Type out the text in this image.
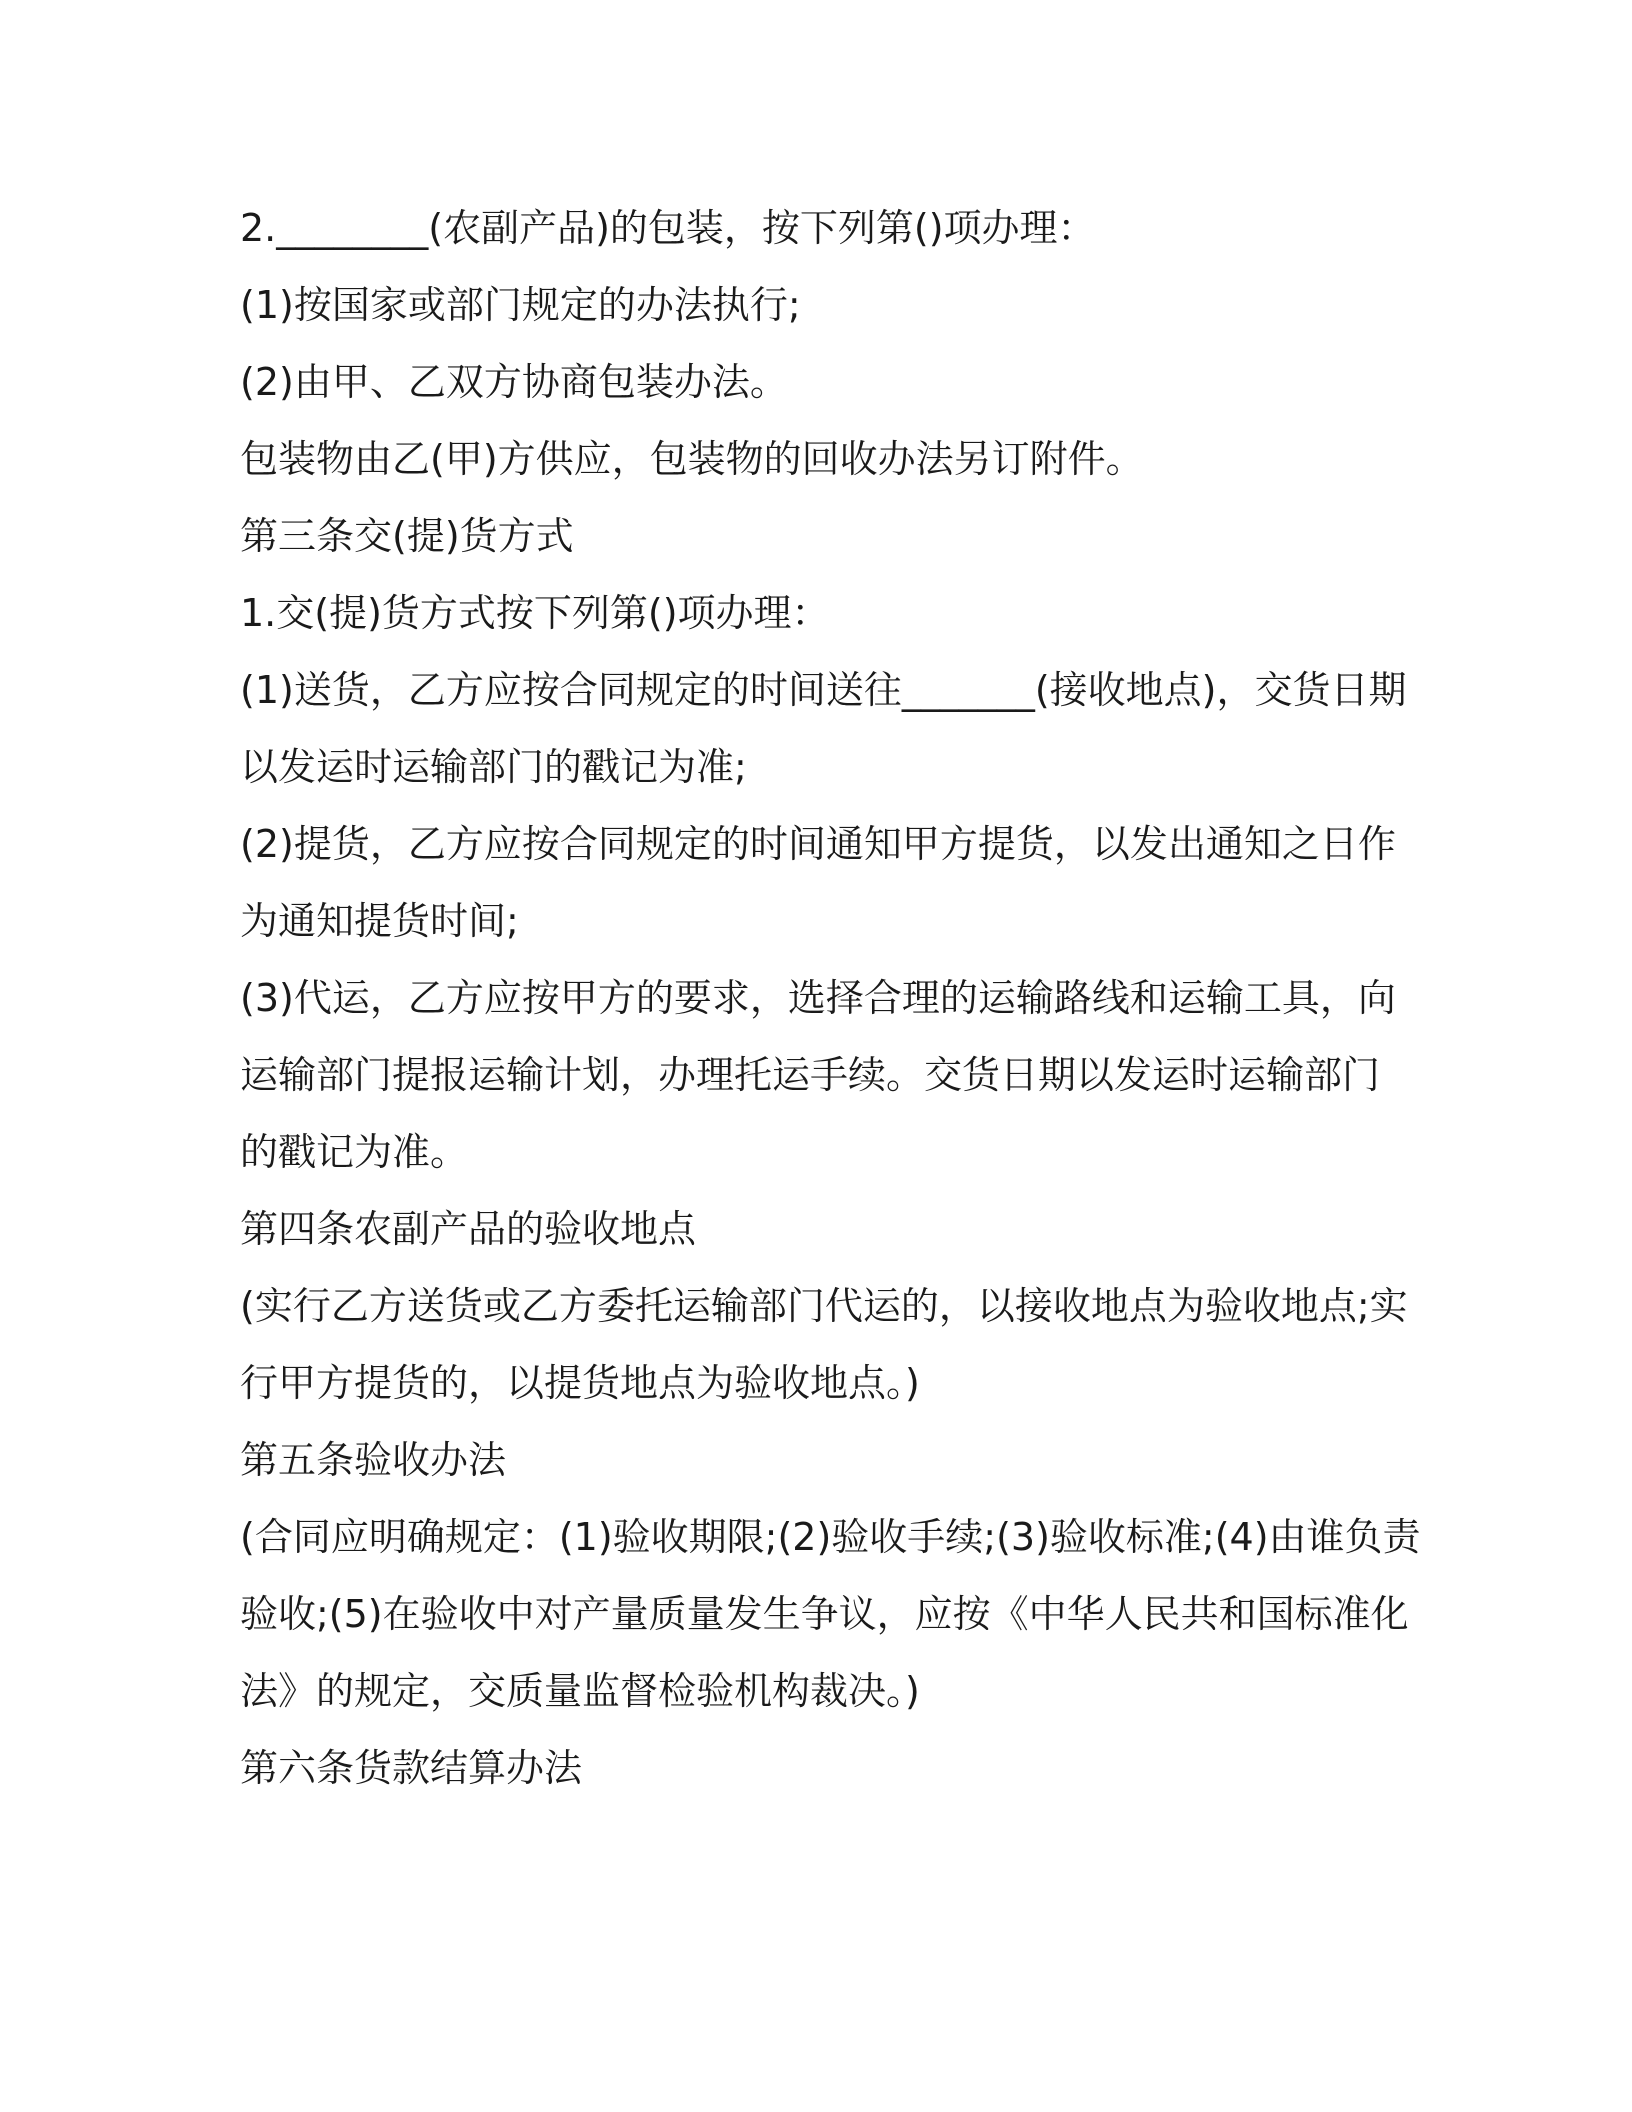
2.________(农副产品)的包装，按下列第()项办理：
(1)按国家或部门规定的办法执行;
(2)由甲、乙双方协商包装办法。
包装物由乙(甲)方供应，包装物的回收办法另订附件。
第三条交(提)货方式
1.交(提)货方式按下列第()项办理：
(1)送货，乙方应按合同规定的时间送往_______(接收地点)，交货日期
以发运时运输部门的戳记为准;
(2)提货，乙方应按合同规定的时间通知甲方提货，以发出通知之日作
为通知提货时间;
(3)代运，乙方应按甲方的要求，选择合理的运输路线和运输工具，向
运输部门提报运输计划，办理托运手续。交货日期以发运时运输部门
的戳记为准。
第四条农副产品的验收地点
(实行乙方送货或乙方委托运输部门代运的，以接收地点为验收地点;实
行甲方提货的，以提货地点为验收地点。)
第五条验收办法
(合同应明确规定：(1)验收期限;(2)验收手续;(3)验收标准;(4)由谁负责
验收;(5)在验收中对产量质量发生争议，应按《中华人民共和国标准化
法》的规定，交质量监督检验机构裁决。)
第六条货款结算办法
